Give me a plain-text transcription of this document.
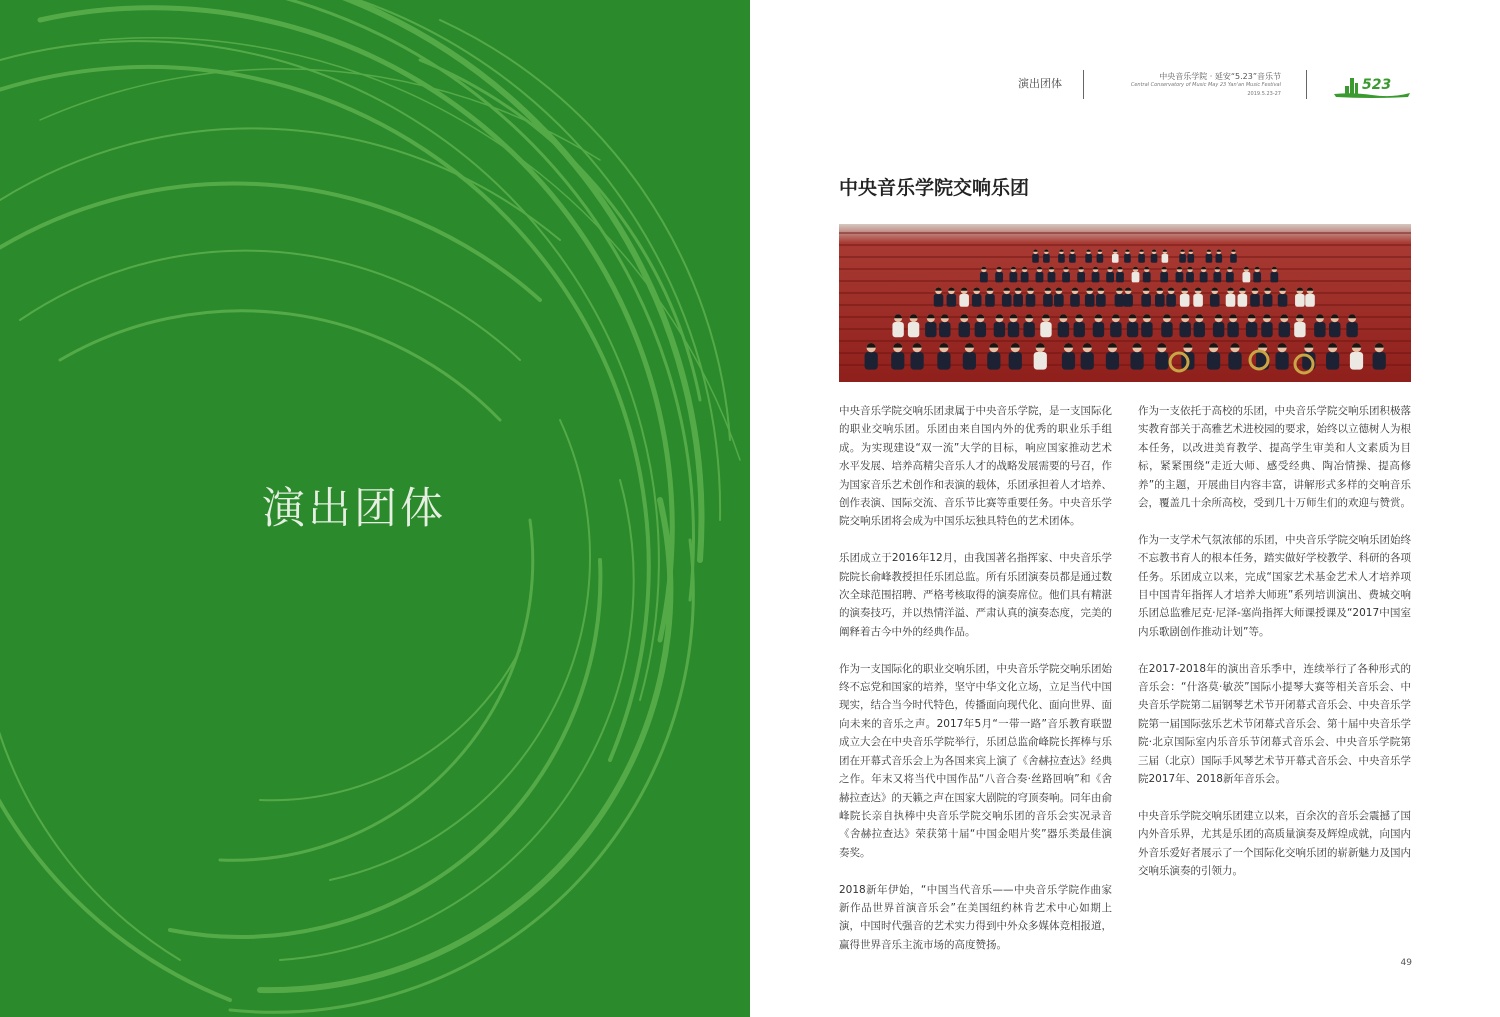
演出团体
演出团体
中央音乐学院 · 延安“5.23”音乐节
Central Conservatory of Music May 23 Yan'an Music Festival
2019.5.23-27
523
中央音乐学院交响乐团

中央音乐学院交响乐团隶属于中央音乐学院，是一支国际化的职业交响乐团。乐团由来自国内外的优秀的职业乐手组成。为实现建设“双一流”大学的目标，响应国家推动艺术水平发展、培养高精尖音乐人才的战略发展需要的号召，作为国家音乐艺术创作和表演的载体，乐团承担着人才培养、创作表演、国际交流、音乐节比赛等重要任务。中央音乐学院交响乐团将会成为中国乐坛独具特色的艺术团体。

乐团成立于2016年12月，由我国著名指挥家、中央音乐学院院长俞峰教授担任乐团总监。所有乐团演奏员都是通过数次全球范围招聘、严格考核取得的演奏席位。他们具有精湛的演奏技巧，并以热情洋溢、严肃认真的演奏态度，完美的阐释着古今中外的经典作品。

作为一支国际化的职业交响乐团，中央音乐学院交响乐团始终不忘党和国家的培养，坚守中华文化立场，立足当代中国现实，结合当今时代特色，传播面向现代化、面向世界、面向未来的音乐之声。2017年5月“一带一路”音乐教育联盟成立大会在中央音乐学院举行，乐团总监俞峰院长挥棒与乐团在开幕式音乐会上为各国来宾上演了《舍赫拉查达》经典之作。年末又将当代中国作品“八音合奏·丝路回响”和《舍赫拉查达》的天籁之声在国家大剧院的穹顶奏响。同年由俞峰院长亲自执棒中央音乐学院交响乐团的音乐会实况录音《舍赫拉查达》荣获第十届“中国金唱片奖”器乐类最佳演奏奖。

2018新年伊始，“中国当代音乐——中央音乐学院作曲家新作品世界首演音乐会”在美国纽约林肯艺术中心如期上演，中国时代强音的艺术实力得到中外众多媒体竞相报道，赢得世界音乐主流市场的高度赞扬。

作为一支依托于高校的乐团，中央音乐学院交响乐团积极落实教育部关于高雅艺术进校园的要求，始终以立德树人为根本任务，以改进美育教学、提高学生审美和人文素质为目标，紧紧围绕“走近大师、感受经典、陶冶情操、提高修养”的主题，开展曲目内容丰富，讲解形式多样的交响音乐会，覆盖几十余所高校，受到几十万师生们的欢迎与赞赏。

作为一支学术气氛浓郁的乐团，中央音乐学院交响乐团始终不忘教书育人的根本任务，踏实做好学校教学、科研的各项任务。乐团成立以来，完成“国家艺术基金艺术人才培养项目中国青年指挥人才培养大师班”系列培训演出、费城交响乐团总监雅尼克·尼泽-塞尚指挥大师课授课及“2017中国室内乐歌剧创作推动计划”等。

在2017-2018年的演出音乐季中，连续举行了各种形式的音乐会：“什洛莫·敏茨”国际小提琴大赛等相关音乐会、中央音乐学院第二届钢琴艺术节开闭幕式音乐会、中央音乐学院第一届国际弦乐艺术节闭幕式音乐会、第十届中央音乐学院·北京国际室内乐音乐节闭幕式音乐会、中央音乐学院第三届（北京）国际手风琴艺术节开幕式音乐会、中央音乐学院2017年、2018新年音乐会。

中央音乐学院交响乐团建立以来，百余次的音乐会震撼了国内外音乐界，尤其是乐团的高质量演奏及辉煌成就，向国内外音乐爱好者展示了一个国际化交响乐团的崭新魅力及国内交响乐演奏的引领力。

49
